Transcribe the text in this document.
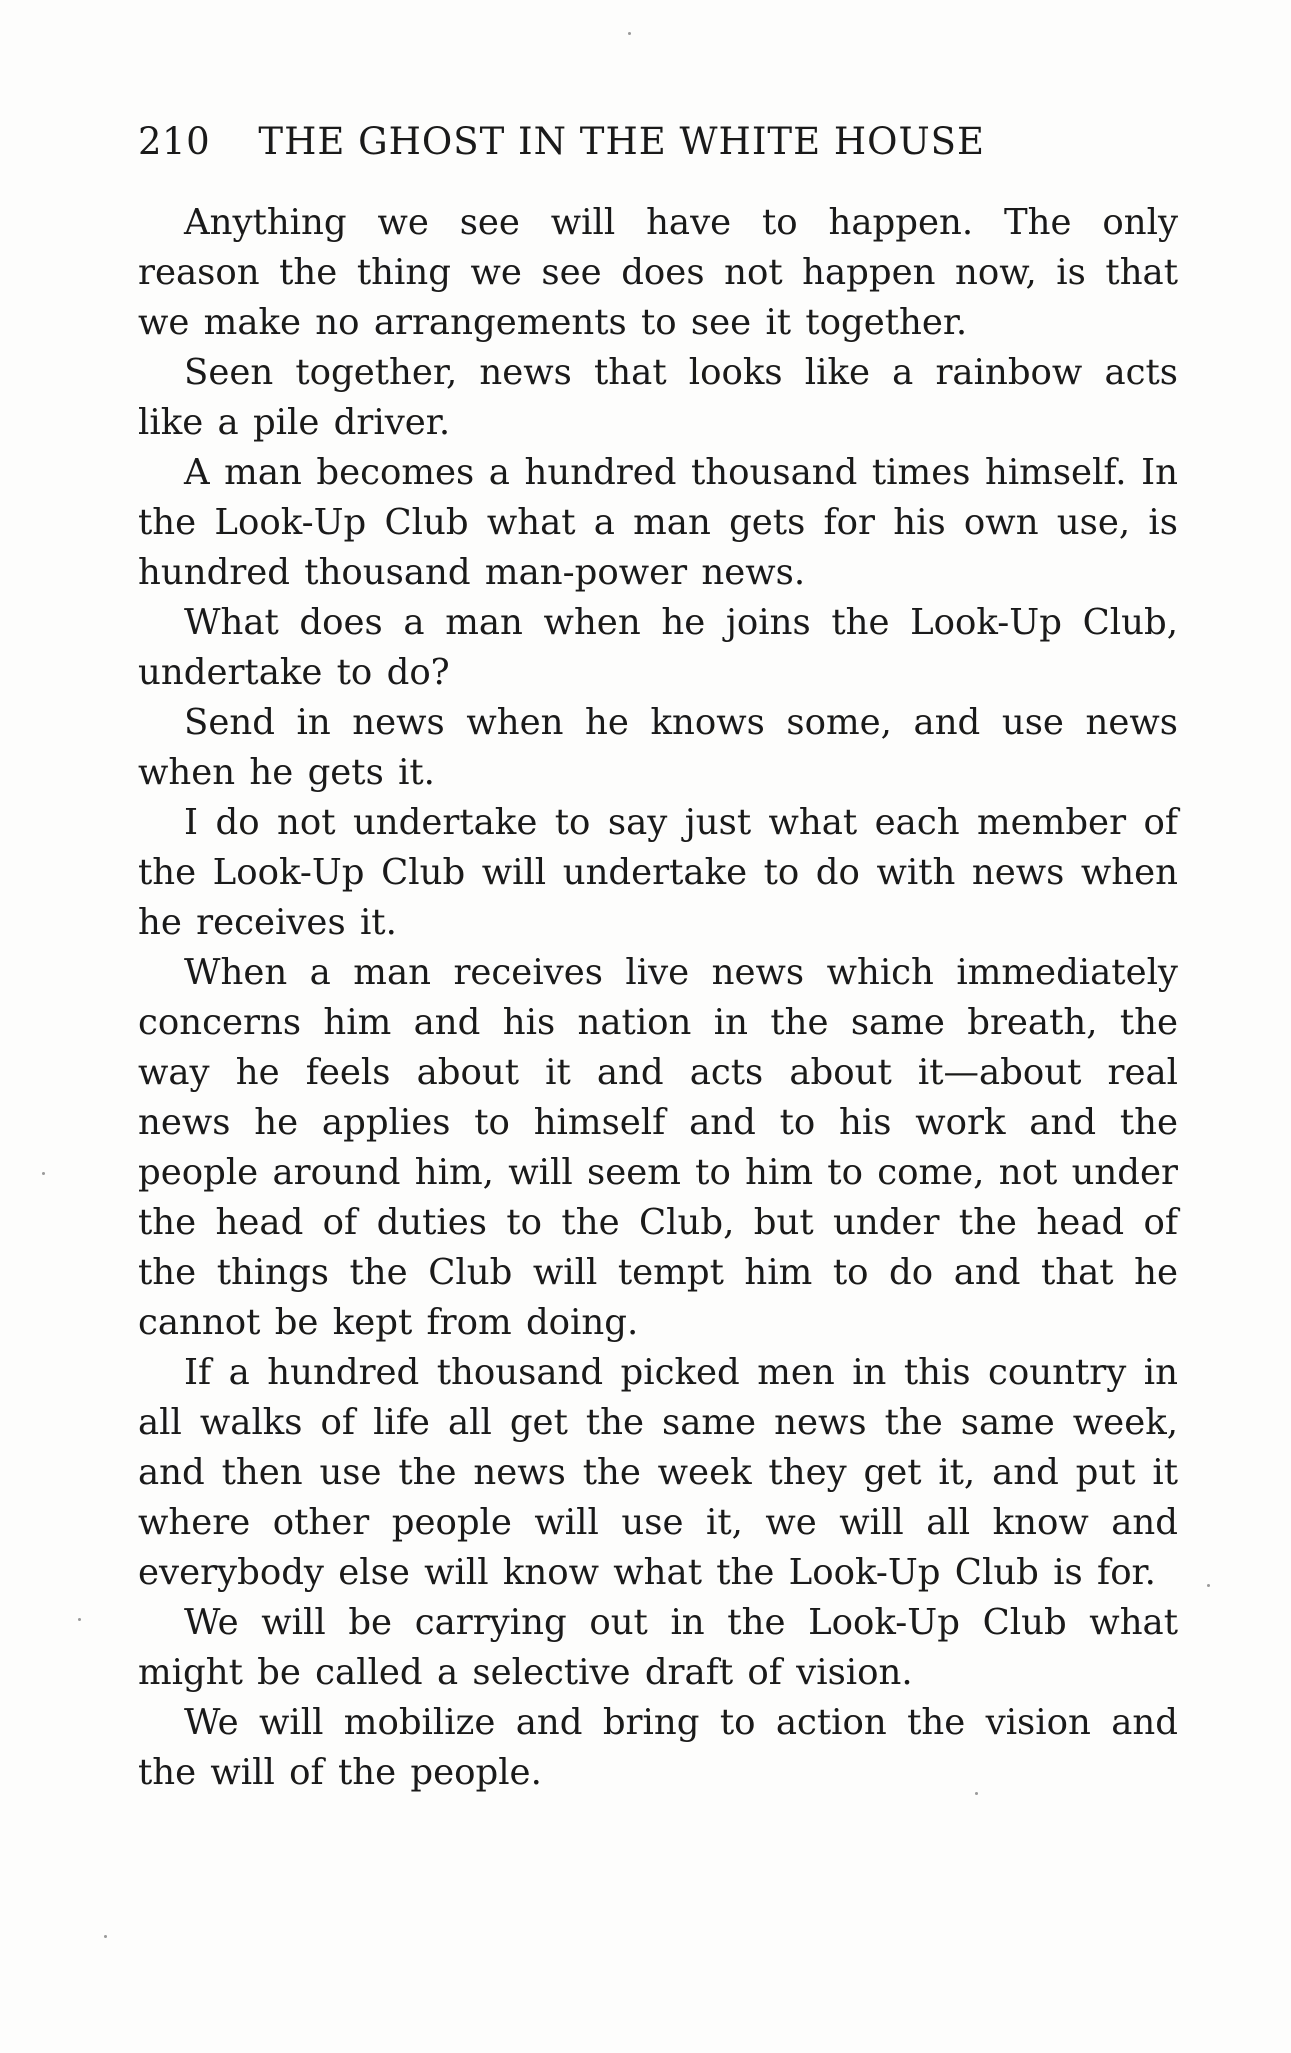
210 THE GHOST IN THE WHITE HOUSE

Anything we see will have to happen. The only reason the thing we see does not happen now, is that we make no arrangements to see it together.

Seen together, news that looks like a rainbow acts like a pile driver.

A man becomes a hundred thousand times himself. In the Look-Up Club what a man gets for his own use, is hundred thousand man-power news.

What does a man when he joins the Look-Up Club, undertake to do?

Send in news when he knows some, and use news when he gets it.

I do not undertake to say just what each member of the Look-Up Club will undertake to do with news when he receives it.

When a man receives live news which immediately concerns him and his nation in the same breath, the way he feels about it and acts about it—about real news he applies to himself and to his work and the people around him, will seem to him to come, not under the head of duties to the Club, but under the head of the things the Club will tempt him to do and that he cannot be kept from doing.

If a hundred thousand picked men in this country in all walks of life all get the same news the same week, and then use the news the week they get it, and put it where other people will use it, we will all know and everybody else will know what the Look-Up Club is for.

We will be carrying out in the Look-Up Club what might be called a selective draft of vision.

We will mobilize and bring to action the vision and the will of the people.
